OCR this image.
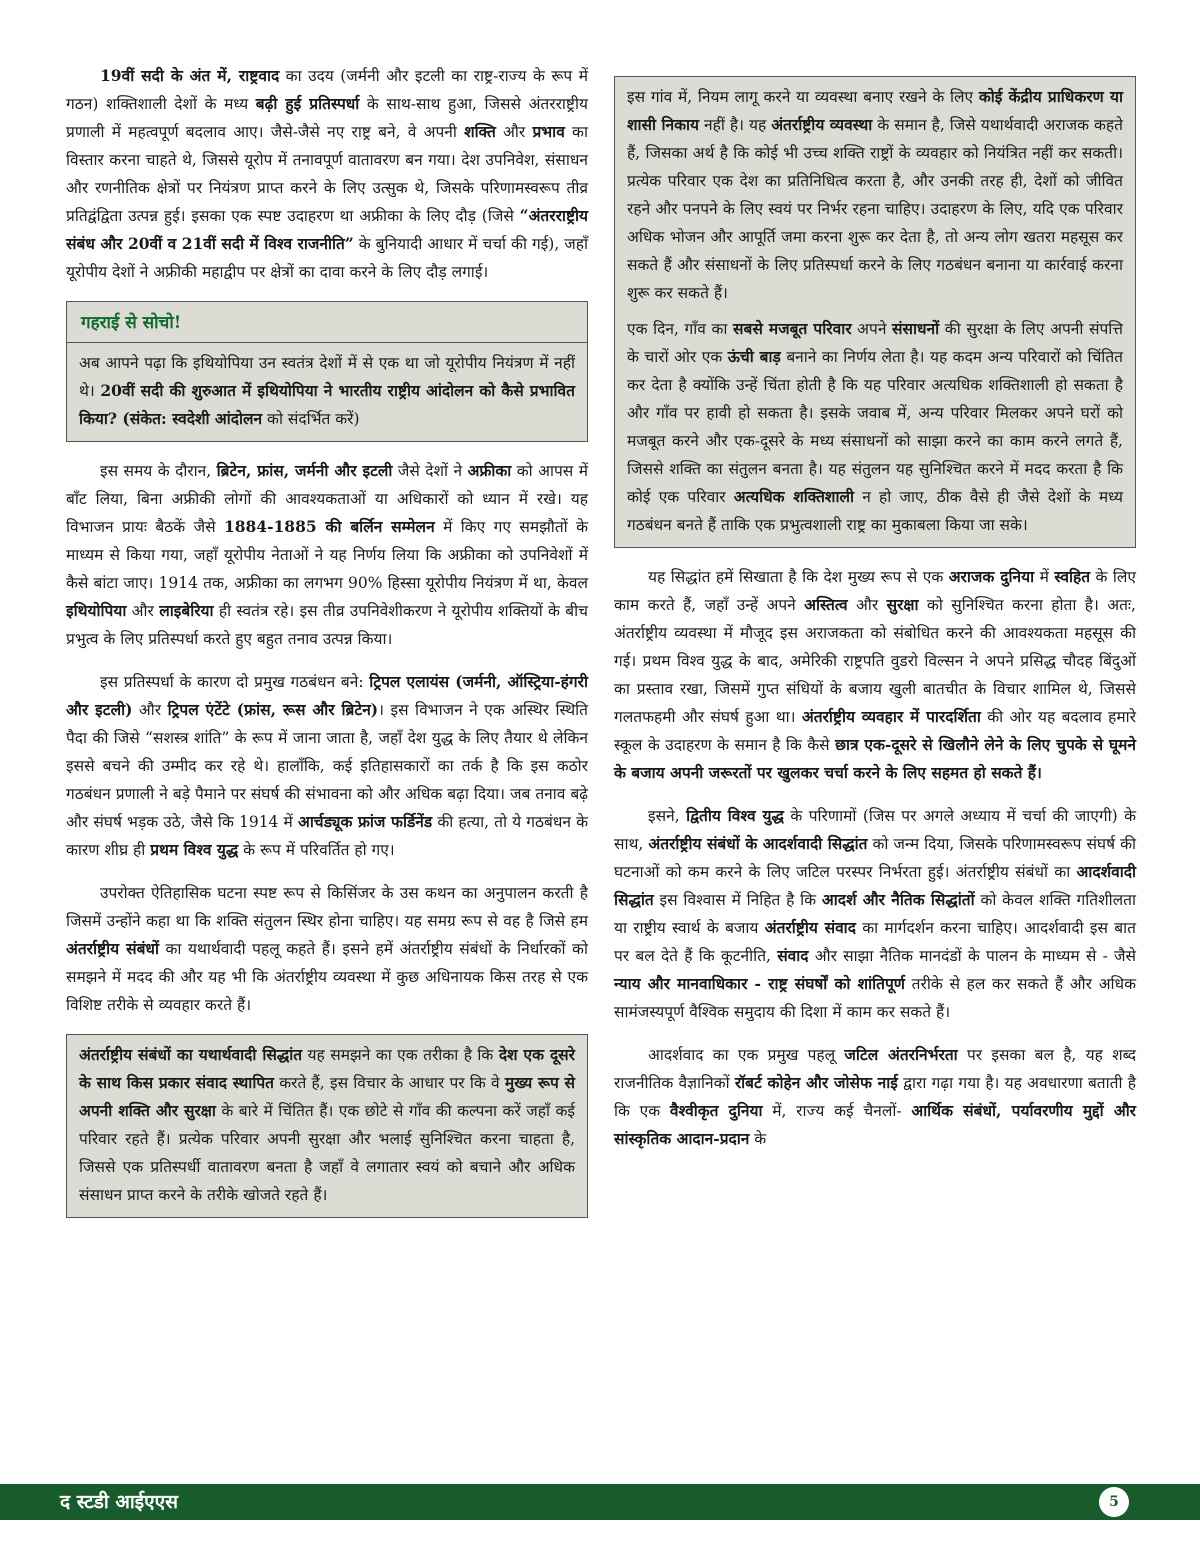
19वीं सदी के अंत में, राष्ट्रवाद का उदय (जर्मनी और इटली का राष्ट्र-राज्य के रूप में गठन) शक्तिशाली देशों के मध्य बढ़ी हुई प्रतिस्पर्धा के साथ-साथ हुआ, जिससे अंतरराष्ट्रीय प्रणाली में महत्वपूर्ण बदलाव आए। जैसे-जैसे नए राष्ट्र बने, वे अपनी शक्ति और प्रभाव का विस्तार करना चाहते थे, जिससे यूरोप में तनावपूर्ण वातावरण बन गया। देश उपनिवेश, संसाधन और रणनीतिक क्षेत्रों पर नियंत्रण प्राप्त करने के लिए उत्सुक थे, जिसके परिणामस्वरूप तीव्र प्रतिद्वंद्विता उत्पन्न हुई। इसका एक स्पष्ट उदाहरण था अफ्रीका के लिए दौड़ (जिसे “अंतरराष्ट्रीय संबंध और 20वीं व 21वीं सदी में विश्व राजनीति” के बुनियादी आधार में चर्चा की गई), जहाँ यूरोपीय देशों ने अफ्रीकी महाद्वीप पर क्षेत्रों का दावा करने के लिए दौड़ लगाई।

गहराई से सोचो!

अब आपने पढ़ा कि इथियोपिया उन स्वतंत्र देशों में से एक था जो यूरोपीय नियंत्रण में नहीं थे। 20वीं सदी की शुरुआत में इथियोपिया ने भारतीय राष्ट्रीय आंदोलन को कैसे प्रभावित किया? (संकेत: स्वदेशी आंदोलन को संदर्भित करें)

इस समय के दौरान, ब्रिटेन, फ्रांस, जर्मनी और इटली जैसे देशों ने अफ्रीका को आपस में बाँट लिया, बिना अफ्रीकी लोगों की आवश्यकताओं या अधिकारों को ध्यान में रखे। यह विभाजन प्रायः बैठकें जैसे 1884-1885 की बर्लिन सम्मेलन में किए गए समझौतों के माध्यम से किया गया, जहाँ यूरोपीय नेताओं ने यह निर्णय लिया कि अफ्रीका को उपनिवेशों में कैसे बांटा जाए। 1914 तक, अफ्रीका का लगभग 90% हिस्सा यूरोपीय नियंत्रण में था, केवल इथियोपिया और लाइबेरिया ही स्वतंत्र रहे। इस तीव्र उपनिवेशीकरण ने यूरोपीय शक्तियों के बीच प्रभुत्व के लिए प्रतिस्पर्धा करते हुए बहुत तनाव उत्पन्न किया।

इस प्रतिस्पर्धा के कारण दो प्रमुख गठबंधन बने: ट्रिपल एलायंस (जर्मनी, ऑस्ट्रिया-हंगरी और इटली) और ट्रिपल एंटेंटे (फ्रांस, रूस और ब्रिटेन)। इस विभाजन ने एक अस्थिर स्थिति पैदा की जिसे “सशस्त्र शांति” के रूप में जाना जाता है, जहाँ देश युद्ध के लिए तैयार थे लेकिन इससे बचने की उम्मीद कर रहे थे। हालाँकि, कई इतिहासकारों का तर्क है कि इस कठोर गठबंधन प्रणाली ने बड़े पैमाने पर संघर्ष की संभावना को और अधिक बढ़ा दिया। जब तनाव बढ़े और संघर्ष भड़क उठे, जैसे कि 1914 में आर्चड्यूक फ्रांज फर्डिनेंड की हत्या, तो ये गठबंधन के कारण शीघ्र ही प्रथम विश्व युद्ध के रूप में परिवर्तित हो गए।

उपरोक्त ऐतिहासिक घटना स्पष्ट रूप से किसिंजर के उस कथन का अनुपालन करती है जिसमें उन्होंने कहा था कि शक्ति संतुलन स्थिर होना चाहिए। यह समग्र रूप से वह है जिसे हम अंतर्राष्ट्रीय संबंधों का यथार्थवादी पहलू कहते हैं। इसने हमें अंतर्राष्ट्रीय संबंधों के निर्धारकों को समझने में मदद की और यह भी कि अंतर्राष्ट्रीय व्यवस्था में कुछ अधिनायक किस तरह से एक विशिष्ट तरीके से व्यवहार करते हैं।

अंतर्राष्ट्रीय संबंधों का यथार्थवादी सिद्धांत यह समझने का एक तरीका है कि देश एक दूसरे के साथ किस प्रकार संवाद स्थापित करते हैं, इस विचार के आधार पर कि वे मुख्य रूप से अपनी शक्ति और सुरक्षा के बारे में चिंतित हैं। एक छोटे से गाँव की कल्पना करें जहाँ कई परिवार रहते हैं। प्रत्येक परिवार अपनी सुरक्षा और भलाई सुनिश्चित करना चाहता है, जिससे एक प्रतिस्पर्धी वातावरण बनता है जहाँ वे लगातार स्वयं को बचाने और अधिक संसाधन प्राप्त करने के तरीके खोजते रहते हैं।

इस गांव में, नियम लागू करने या व्यवस्था बनाए रखने के लिए कोई केंद्रीय प्राधिकरण या शासी निकाय नहीं है। यह अंतर्राष्ट्रीय व्यवस्था के समान है, जिसे यथार्थवादी अराजक कहते हैं, जिसका अर्थ है कि कोई भी उच्च शक्ति राष्ट्रों के व्यवहार को नियंत्रित नहीं कर सकती। प्रत्येक परिवार एक देश का प्रतिनिधित्व करता है, और उनकी तरह ही, देशों को जीवित रहने और पनपने के लिए स्वयं पर निर्भर रहना चाहिए। उदाहरण के लिए, यदि एक परिवार अधिक भोजन और आपूर्ति जमा करना शुरू कर देता है, तो अन्य लोग खतरा महसूस कर सकते हैं और संसाधनों के लिए प्रतिस्पर्धा करने के लिए गठबंधन बनाना या कार्रवाई करना शुरू कर सकते हैं।

एक दिन, गाँव का सबसे मजबूत परिवार अपने संसाधनों की सुरक्षा के लिए अपनी संपत्ति के चारों ओर एक ऊंची बाड़ बनाने का निर्णय लेता है। यह कदम अन्य परिवारों को चिंतित कर देता है क्योंकि उन्हें चिंता होती है कि यह परिवार अत्यधिक शक्तिशाली हो सकता है और गाँव पर हावी हो सकता है। इसके जवाब में, अन्य परिवार मिलकर अपने घरों को मजबूत करने और एक-दूसरे के मध्य संसाधनों को साझा करने का काम करने लगते हैं, जिससे शक्ति का संतुलन बनता है। यह संतुलन यह सुनिश्चित करने में मदद करता है कि कोई एक परिवार अत्यधिक शक्तिशाली न हो जाए, ठीक वैसे ही जैसे देशों के मध्य गठबंधन बनते हैं ताकि एक प्रभुत्वशाली राष्ट्र का मुकाबला किया जा सके।

यह सिद्धांत हमें सिखाता है कि देश मुख्य रूप से एक अराजक दुनिया में स्वहित के लिए काम करते हैं, जहाँ उन्हें अपने अस्तित्व और सुरक्षा को सुनिश्चित करना होता है। अतः, अंतर्राष्ट्रीय व्यवस्था में मौजूद इस अराजकता को संबोधित करने की आवश्यकता महसूस की गई। प्रथम विश्व युद्ध के बाद, अमेरिकी राष्ट्रपति वुडरो विल्सन ने अपने प्रसिद्ध चौदह बिंदुओं का प्रस्ताव रखा, जिसमें गुप्त संधियों के बजाय खुली बातचीत के विचार शामिल थे, जिससे गलतफहमी और संघर्ष हुआ था। अंतर्राष्ट्रीय व्यवहार में पारदर्शिता की ओर यह बदलाव हमारे स्कूल के उदाहरण के समान है कि कैसे छात्र एक-दूसरे से खिलौने लेने के लिए चुपके से घूमने के बजाय अपनी जरूरतों पर खुलकर चर्चा करने के लिए सहमत हो सकते हैं।

इसने, द्वितीय विश्व युद्ध के परिणामों (जिस पर अगले अध्याय में चर्चा की जाएगी) के साथ, अंतर्राष्ट्रीय संबंधों के आदर्शवादी सिद्धांत को जन्म दिया, जिसके परिणामस्वरूप संघर्ष की घटनाओं को कम करने के लिए जटिल परस्पर निर्भरता हुई। अंतर्राष्ट्रीय संबंधों का आदर्शवादी सिद्धांत इस विश्वास में निहित है कि आदर्श और नैतिक सिद्धांतों को केवल शक्ति गतिशीलता या राष्ट्रीय स्वार्थ के बजाय अंतर्राष्ट्रीय संवाद का मार्गदर्शन करना चाहिए। आदर्शवादी इस बात पर बल देते हैं कि कूटनीति, संवाद और साझा नैतिक मानदंडों के पालन के माध्यम से - जैसे न्याय और मानवाधिकार - राष्ट्र संघर्षों को शांतिपूर्ण तरीके से हल कर सकते हैं और अधिक सामंजस्यपूर्ण वैश्विक समुदाय की दिशा में काम कर सकते हैं।

आदर्शवाद का एक प्रमुख पहलू जटिल अंतरनिर्भरता पर इसका बल है, यह शब्द राजनीतिक वैज्ञानिकों रॉबर्ट कोहेन और जोसेफ नाई द्वारा गढ़ा गया है। यह अवधारणा बताती है कि एक वैश्वीकृत दुनिया में, राज्य कई चैनलों- आर्थिक संबंधों, पर्यावरणीय मुद्दों और सांस्कृतिक आदान-प्रदान के

द स्टडी आईएएस	5
